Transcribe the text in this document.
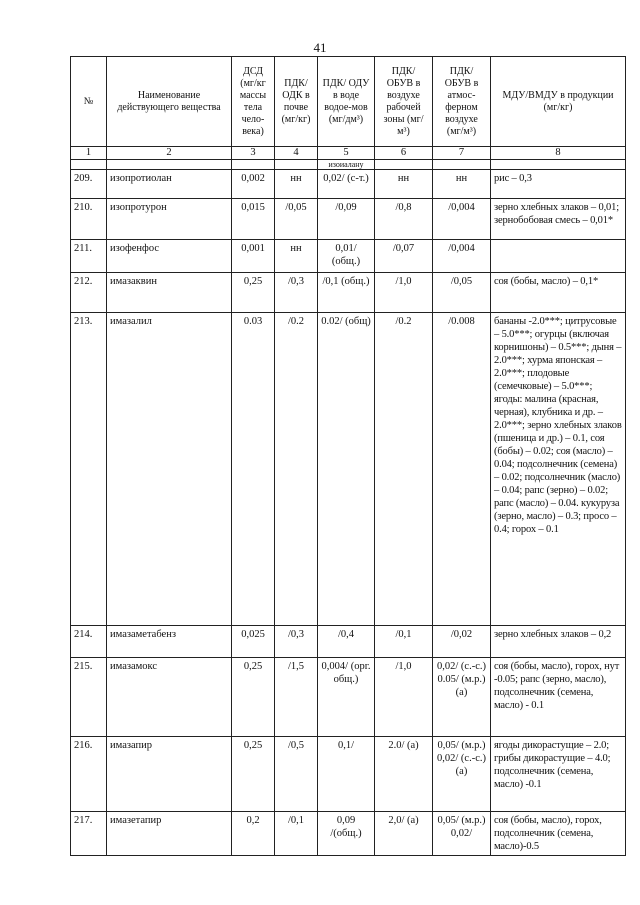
41
№	Наименование действующего вещества	ДСД (мг/кг массы тела чело-века)	ПДК/ ОДК в почве (мг/кг)	ПДК/ ОДУ в воде водое-мов (мг/дм³)	ПДК/ ОБУВ в воздухе рабочей зоны (мг/м³)	ПДК/ ОБУВ в атмос-ферном воздухе (мг/м³)	МДУ/ВМДУ в продукции (мг/кг)
1	2	3	4	5	6	7	8
				изоиалану			
209.	изопротиолан	0,002	нн	0,02/ (с-т.)	нн	нн	рис – 0,3
210.	изопротурон	0,015	/0,05	/0,09	/0,8	/0,004	зерно хлебных злаков – 0,01; зернобобовая смесь – 0,01*
211.	изофенфос	0,001	нн	0,01/ (общ.)	/0,07	/0,004	
212.	имазаквин	0,25	/0,3	/0,1 (общ.)	/1,0	/0,05	соя (бобы, масло) – 0,1*
213.	имазалил	0.03	/0.2	0.02/ (общ)	/0.2	/0.008	бананы -2.0***; цитрусовые – 5.0***; огурцы (включая корнишоны) – 0.5***; дыня – 2.0***; хурма японская – 2.0***; плодовые (семечковые) – 5.0***; ягоды: малина (красная, черная), клубника и др. – 2.0***; зерно хлебных злаков (пшеница и др.) – 0.1, соя (бобы) – 0.02; соя (масло) – 0.04; подсолнечник (семена) – 0.02; подсолнечник (масло) – 0.04; рапс (зерно) – 0.02; рапс (масло) – 0.04. кукуруза (зерно, масло) – 0.3; просо – 0.4; горох – 0.1
214.	имазаметабенз	0,025	/0,3	/0,4	/0,1	/0,02	зерно хлебных злаков – 0,2
215.	имазамокс	0,25	/1,5	0,004/ (орг. общ.)	/1,0	0,02/ (с.-с.) 0.05/ (м.р.) (а)	соя (бобы, масло), горох, нут -0.05; рапс (зерно, масло), подсолнечник (семена, масло) - 0.1
216.	имазапир	0,25	/0,5	0,1/	2.0/ (а)	0,05/ (м.р.) 0,02/ (с.-с.) (а)	ягоды дикорастущие – 2.0; грибы дикорастущие – 4.0; подсолнечник (семена, масло) -0.1
217.	имазетапир	0,2	/0,1	0,09 /(общ.)	2,0/ (а)	0,05/ (м.р.) 0,02/	соя (бобы, масло), горох, подсолнечник (семена, масло)-0.5
